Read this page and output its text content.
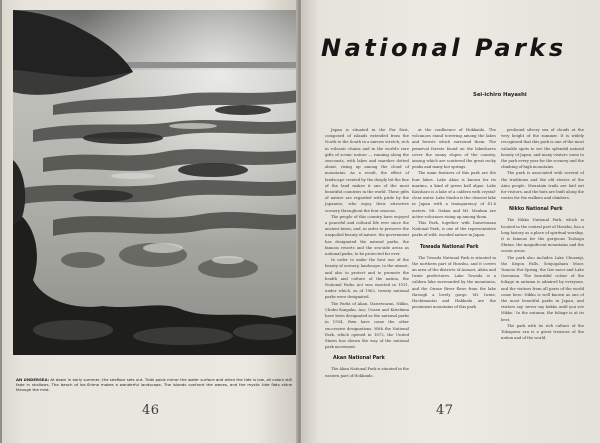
AN UNDERSEA: At dawn in early summer, the seafloor sets out. Tidal pools mirror the water surface and when the tide is low, all colors still fade in shallows. The beach of Ise-Shima makes a wonderful landscape. The islands confront the waves, and the mystic tide flats shine through the mist.

46
National Parks

Sei-ichiro Hayashi

Japan is situated in the Far East, composed of islands extended from the North to the South in a narrow stretch, rich in volcanic chains and in the world's rare gifts of scenic nature — running along the seacoasts, with lakes and marshes dotted about, rising up among the cloud of mountains. As a result, the effect of landscape created by the deeply bit the line of the land makes it one of the most beautiful countries in the world. These gifts of nature are regarded with pride by the Japanese, who enjoy their attractive scenery throughout the four seasons.

The people of this country have enjoyed a peaceful and cultural life ever since the ancient times, and, in order to preserve the unspoiled beauty of nature, the government has designated the natural parks, the famous resorts and the sea-side areas as national parks, to be protected for ever.

In order to make the best use of the beauty of scenery, landscape, to the utmost, and also to protect and to promote the health and culture of the nation, the National Parks Act was enacted in 1931, under which, as of 1962, twenty national parks were designated.

The Parks of Akan, Daisetsuzan, Nikko, Chubu-Sangaku, Aso, Unzen and Kirishima have been designated as the national parks in 1934, then have come the other successive designations. With the National Park, which opened in 1872, the United States has shown the way of the national park movement.

Akan National Park

The Akan National Park is situated in the eastern part of Hokkaido.

at the confluence of Hokkaido. The volcanoes stand towering among the lakes and forests which surround them. The primeval forests found on the lakeshores cover the sunny slopes of the country, among which are scattered the great rocky peaks and many hot springs.

The main features of this park are the four lakes. Lake Akan is known for its marimo, a kind of green ball algae. Lake Kussharo is a lake of a caldera with crystal-clear water. Lake Mashu is the clearest lake in Japan with a transparency of 41.6 meters. Mt. Oakan and Mt. Meakan are active volcanoes rising up among them.

This Park, together with Daisetsuzan National Park, is one of the representative parks of wild, wooded nature in Japan.

Towada National Park

The Towada National Park is situated in the northern part of Honshu, and it covers an area of the districts of Aomori, Akita and Iwate prefectures. Lake Towada is a caldera lake surrounded by the mountains, and the Oirase River flows from the lake through a lovely gorge. Mt. Iwate, Hachimantai and Hakkoda are the prominent mountains of this park.

profound silvery sea of clouds at the very height of the summer. It is widely recognized that this park is one of the most valuable spots to see the splendid natural beauty of Japan, and many visitors come to the park every year for the scenery and the climbing of high mountains.

The park is associated with several of the traditions and the old stories of the Ainu people. Mountain trails are laid out for visitors, and the huts are built along the routes for the walkers and climbers.

Nikko National Park

The Nikko National Park, which is located in the central part of Honshu, has a long history as a place of spiritual worship. It is famous for the gorgeous Toshogu Shrine, the magnificent mountains and the scenic areas.

The park also includes Lake Chuzenji, the Kegon Falls, Senjogahara Moor, Yumoto Hot Spring, the Oze moor and Lake Ozenuma. The beautiful colour of the foliage in autumn is admired by everyone, and the visitors from all parts of the world come here. Nikko is well known as one of the most beautiful parks in Japan, and visitors say 'never say kekko until you see Nikko.' In the autumn, the foliage is at its best.

The park with its rich culture of the Tokugawa era is a great treasure of the nation and of the world.

47
